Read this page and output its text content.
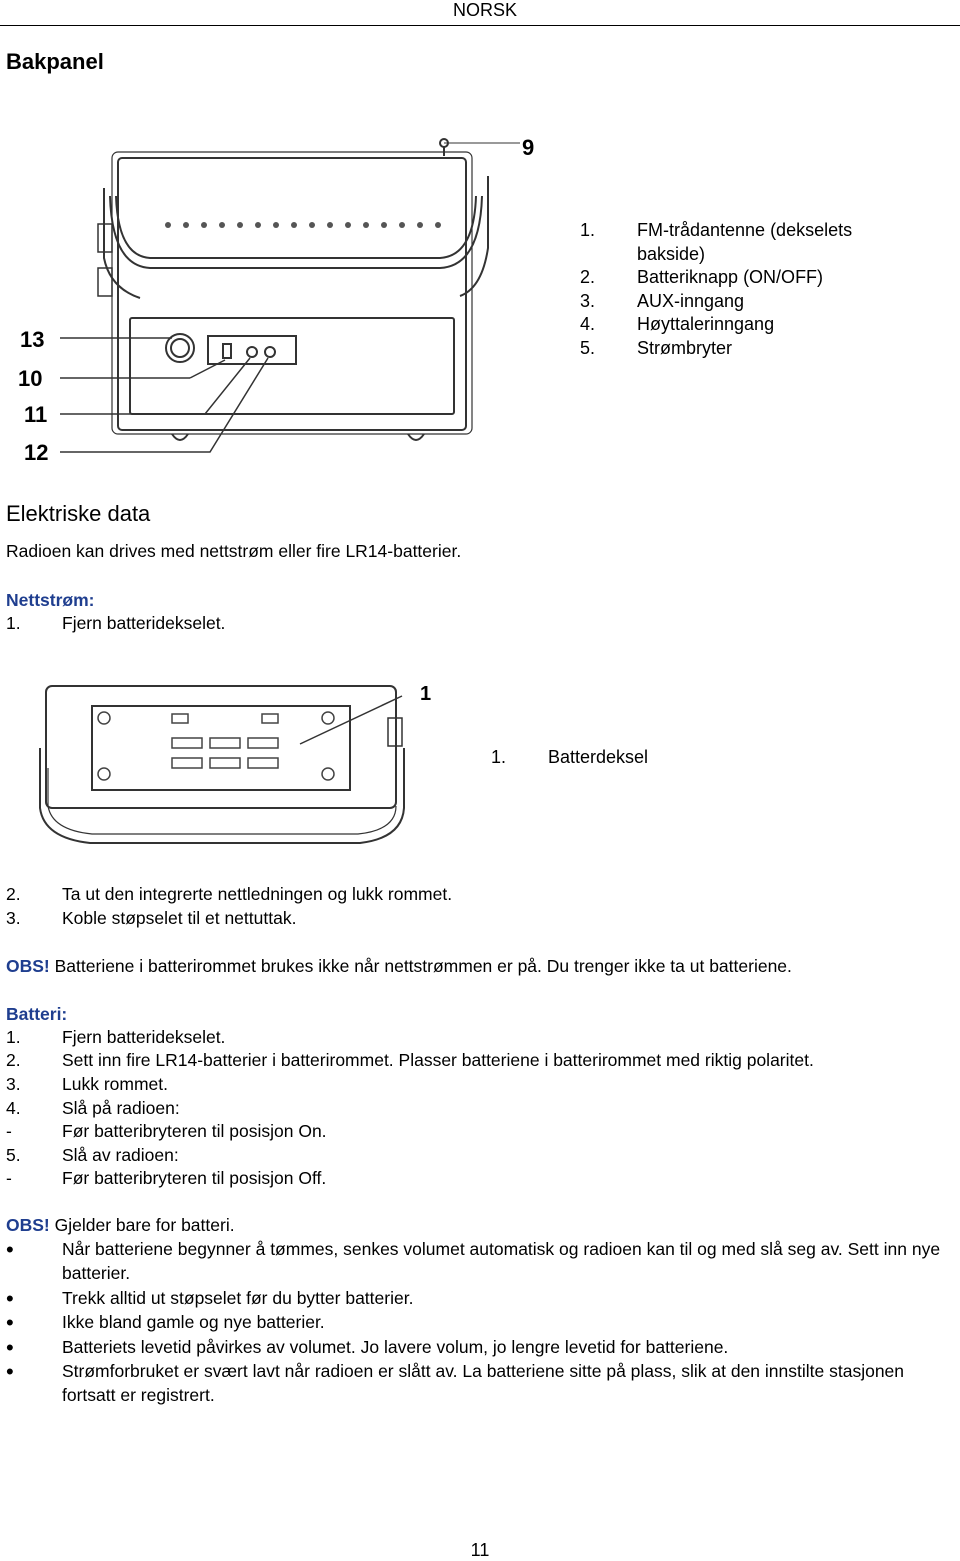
NORSK
Bakpanel
9
13
10
11
12
1. FM-trådantenne (dekselets
bakside)
2. Batteriknapp (ON/OFF)
3. AUX-inngang
4. Høyttalerinngang
5. Strømbryter
Elektriske data
Radioen kan drives med nettstrøm eller fire LR14-batterier.
Nettstrøm:
1. Fjern batteridekselet.
1
1. Batterdeksel
2. Ta ut den integrerte nettledningen og lukk rommet.
3. Koble støpselet til et nettuttak.
OBS! Batteriene i batterirommet brukes ikke når nettstrømmen er på. Du trenger ikke ta ut batteriene.
Batteri:
1. Fjern batteridekselet.
2. Sett inn fire LR14-batterier i batterirommet. Plasser batteriene i batterirommet med riktig polaritet.
3. Lukk rommet.
4. Slå på radioen:
-	Før batteribryteren til posisjon On.
5. Slå av radioen:
-	Før batteribryteren til posisjon Off.
OBS! Gjelder bare for batteri.
•
Når batteriene begynner å tømmes, senkes volumet automatisk og radioen kan til og med slå seg av. Sett inn nye batterier.
•
Trekk alltid ut støpselet før du bytter batterier.
•
Ikke bland gamle og nye batterier.
•
Batteriets levetid påvirkes av volumet. Jo lavere volum, jo lengre levetid for batteriene.
•
Strømforbruket er svært lavt når radioen er slått av. La batteriene sitte på plass, slik at den innstilte stasjonen fortsatt er registrert.
11
